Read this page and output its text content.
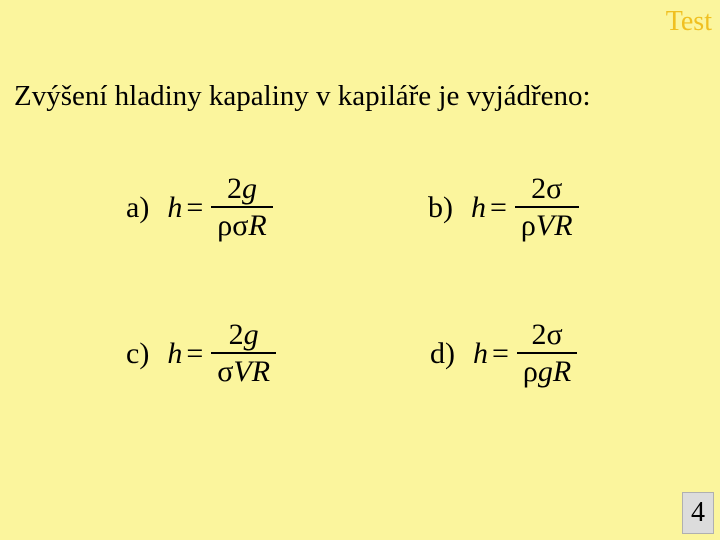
Test
Zvýšení hladiny kapaliny v kapiláře je vyjádřeno:
a) $h = \frac{2g}{\text{ρσR}}$	b) $h = \frac{2\sigma}{\text{ρVR}}$
c) $h = \frac{2g}{\text{σVR}}$	d) $h = \frac{2\sigma}{\text{ρgR}}$
4
